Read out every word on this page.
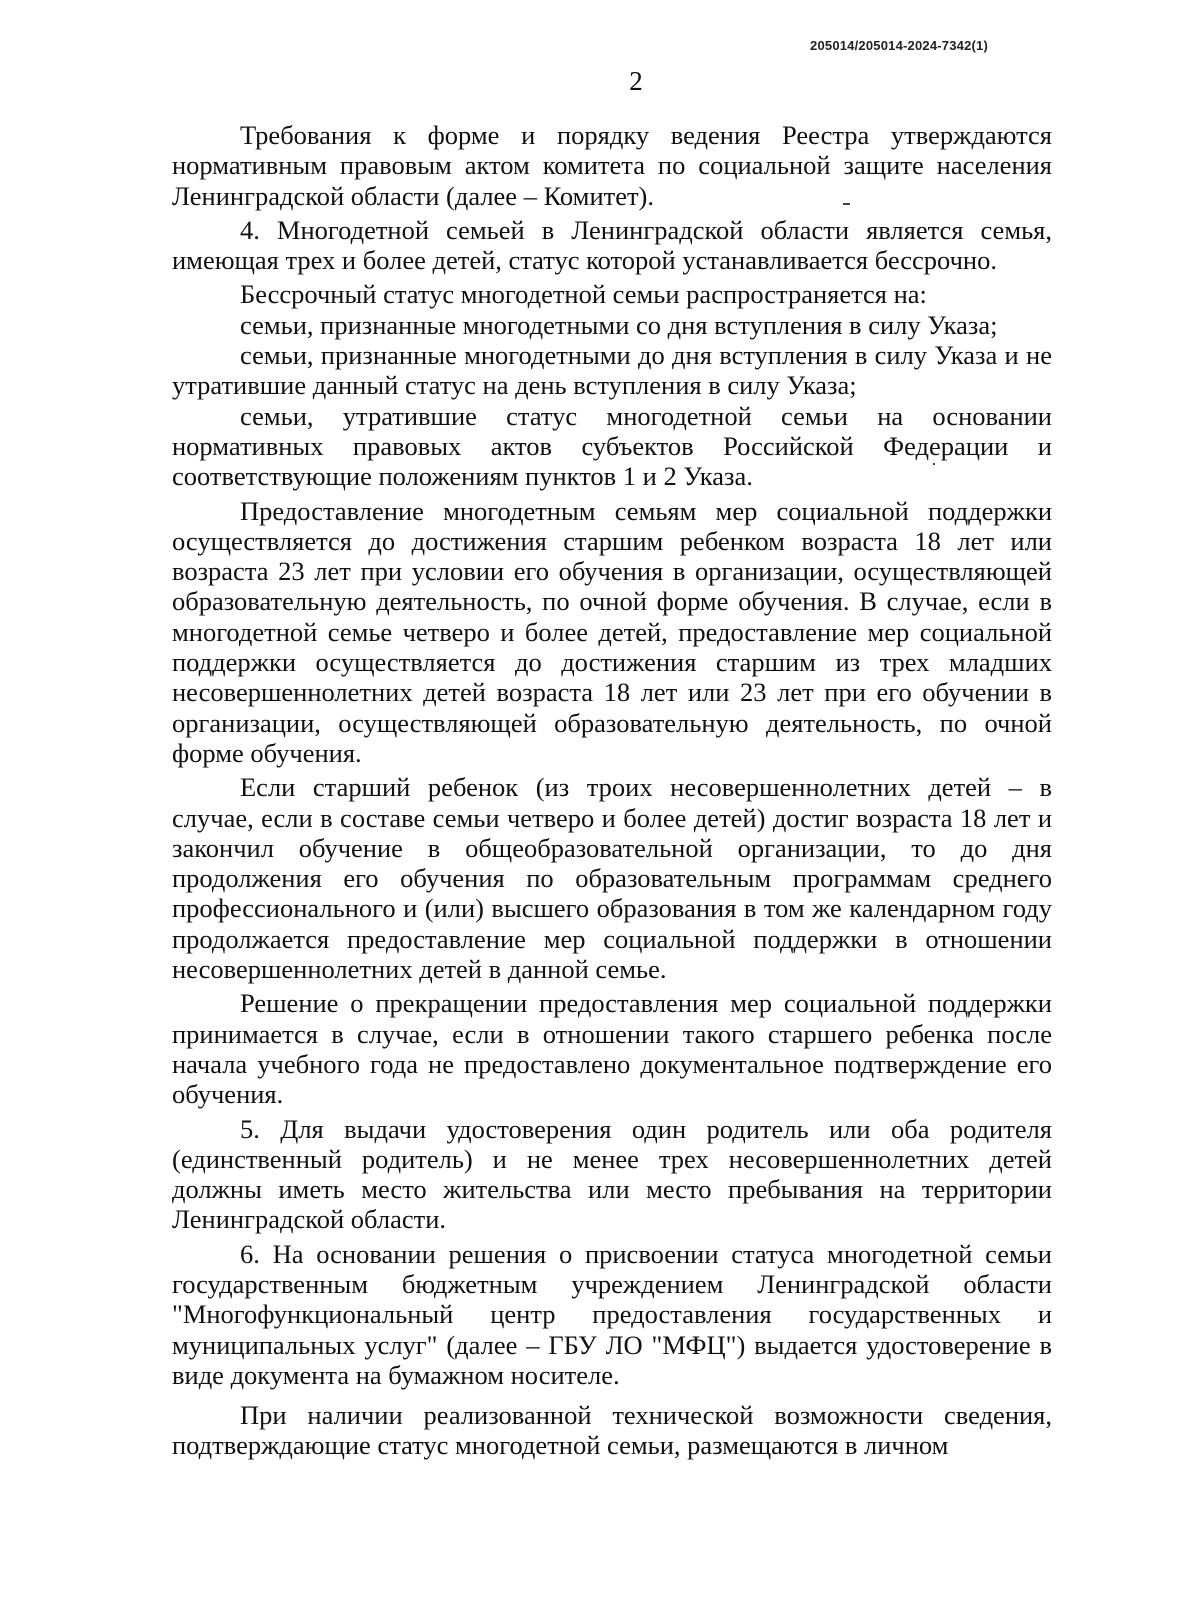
205014/205014-2024-7342(1)
2

Требования к форме и порядку ведения Реестра утверждаются нормативным правовым актом комитета по социальной защите населения Ленинградской области (далее – Комитет).

4. Многодетной семьей в Ленинградской области является семья, имеющая трех и более детей, статус которой устанавливается бессрочно.

Бессрочный статус многодетной семьи распространяется на:

семьи, признанные многодетными со дня вступления в силу Указа;

семьи, признанные многодетными до дня вступления в силу Указа и не утратившие данный статус на день вступления в силу Указа;

семьи, утратившие статус многодетной семьи на основании нормативных правовых актов субъектов Российской Федерации и соответствующие положениям пунктов 1 и 2 Указа.

Предоставление многодетным семьям мер социальной поддержки осуществляется до достижения старшим ребенком возраста 18 лет или возраста 23 лет при условии его обучения в организации, осуществляющей образовательную деятельность, по очной форме обучения. В случае, если в многодетной семье четверо и более детей, предоставление мер социальной поддержки осуществляется до достижения старшим из трех младших несовершеннолетних детей возраста 18 лет или 23 лет при его обучении в организации, осуществляющей образовательную деятельность, по очной форме обучения.

Если старший ребенок (из троих несовершеннолетних детей – в случае, если в составе семьи четверо и более детей) достиг возраста 18 лет и закончил обучение в общеобразовательной организации, то до дня продолжения его обучения по образовательным программам среднего профессионального и (или) высшего образования в том же календарном году продолжается предоставление мер социальной поддержки в отношении несовершеннолетних детей в данной семье.

Решение о прекращении предоставления мер социальной поддержки принимается в случае, если в отношении такого старшего ребенка после начала учебного года не предоставлено документальное подтверждение его обучения.

5. Для выдачи удостоверения один родитель или оба родителя (единственный родитель) и не менее трех несовершеннолетних детей должны иметь место жительства или место пребывания на территории Ленинградской области.

6. На основании решения о присвоении статуса многодетной семьи государственным бюджетным учреждением Ленинградской области "Многофункциональный центр предоставления государственных и муниципальных услуг" (далее – ГБУ ЛО "МФЦ") выдается удостоверение в виде документа на бумажном носителе.

При наличии реализованной технической возможности сведения, подтверждающие статус многодетной семьи, размещаются в личном
